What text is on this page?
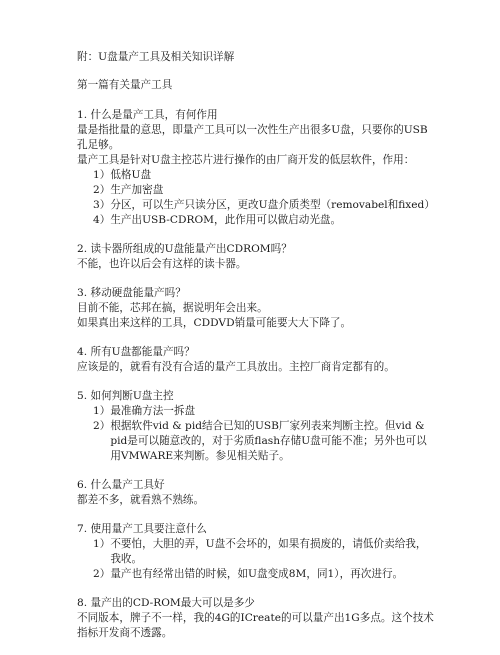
附：U盘量产工具及相关知识详解
第一篇有关量产工具
1. 什么是量产工具，有何作用
量是指批量的意思，即量产工具可以一次性生产出很多U盘，只要你的USB孔足够。
量产工具是针对U盘主控芯片进行操作的由厂商开发的低层软件，作用：
1） 低格U盘
2） 生产加密盘
3） 分区，可以生产只读分区，更改U盘介质类型（removabel和fixed）
4） 生产出USB-CDROM，此作用可以做启动光盘。
2. 读卡器所组成的U盘能量产出CDROM吗？
不能，也许以后会有这样的读卡器。
3. 移动硬盘能量产吗？
目前不能，芯邦在搞，据说明年会出来。
如果真出来这样的工具，CDDVD销量可能要大大下降了。
4. 所有U盘都能量产吗？
应该是的，就看有没有合适的量产工具放出。主控厂商肯定都有的。
5. 如何判断U盘主控
1） 最准确方法一拆盘
2） 根据软件vid & pid结合已知的USB厂家列表来判断主控。但vid & pid是可以随意改的，对于劣质flash存储U盘可能不准；另外也可以用VMWARE来判断。参见相关贴子。
6. 什么量产工具好
都差不多，就看熟不熟练。
7. 使用量产工具要注意什么
1） 不要怕，大胆的弄，U盘不会坏的，如果有损废的，请低价卖给我，我收。
2） 量产也有经常出错的时候，如U盘变成8M，同1），再次进行。
8. 量产出的CD-ROM最大可以是多少
不同版本，牌子不一样，我的4G的ICreate的可以量产出1G多点。这个技术指标开发商不透露。
